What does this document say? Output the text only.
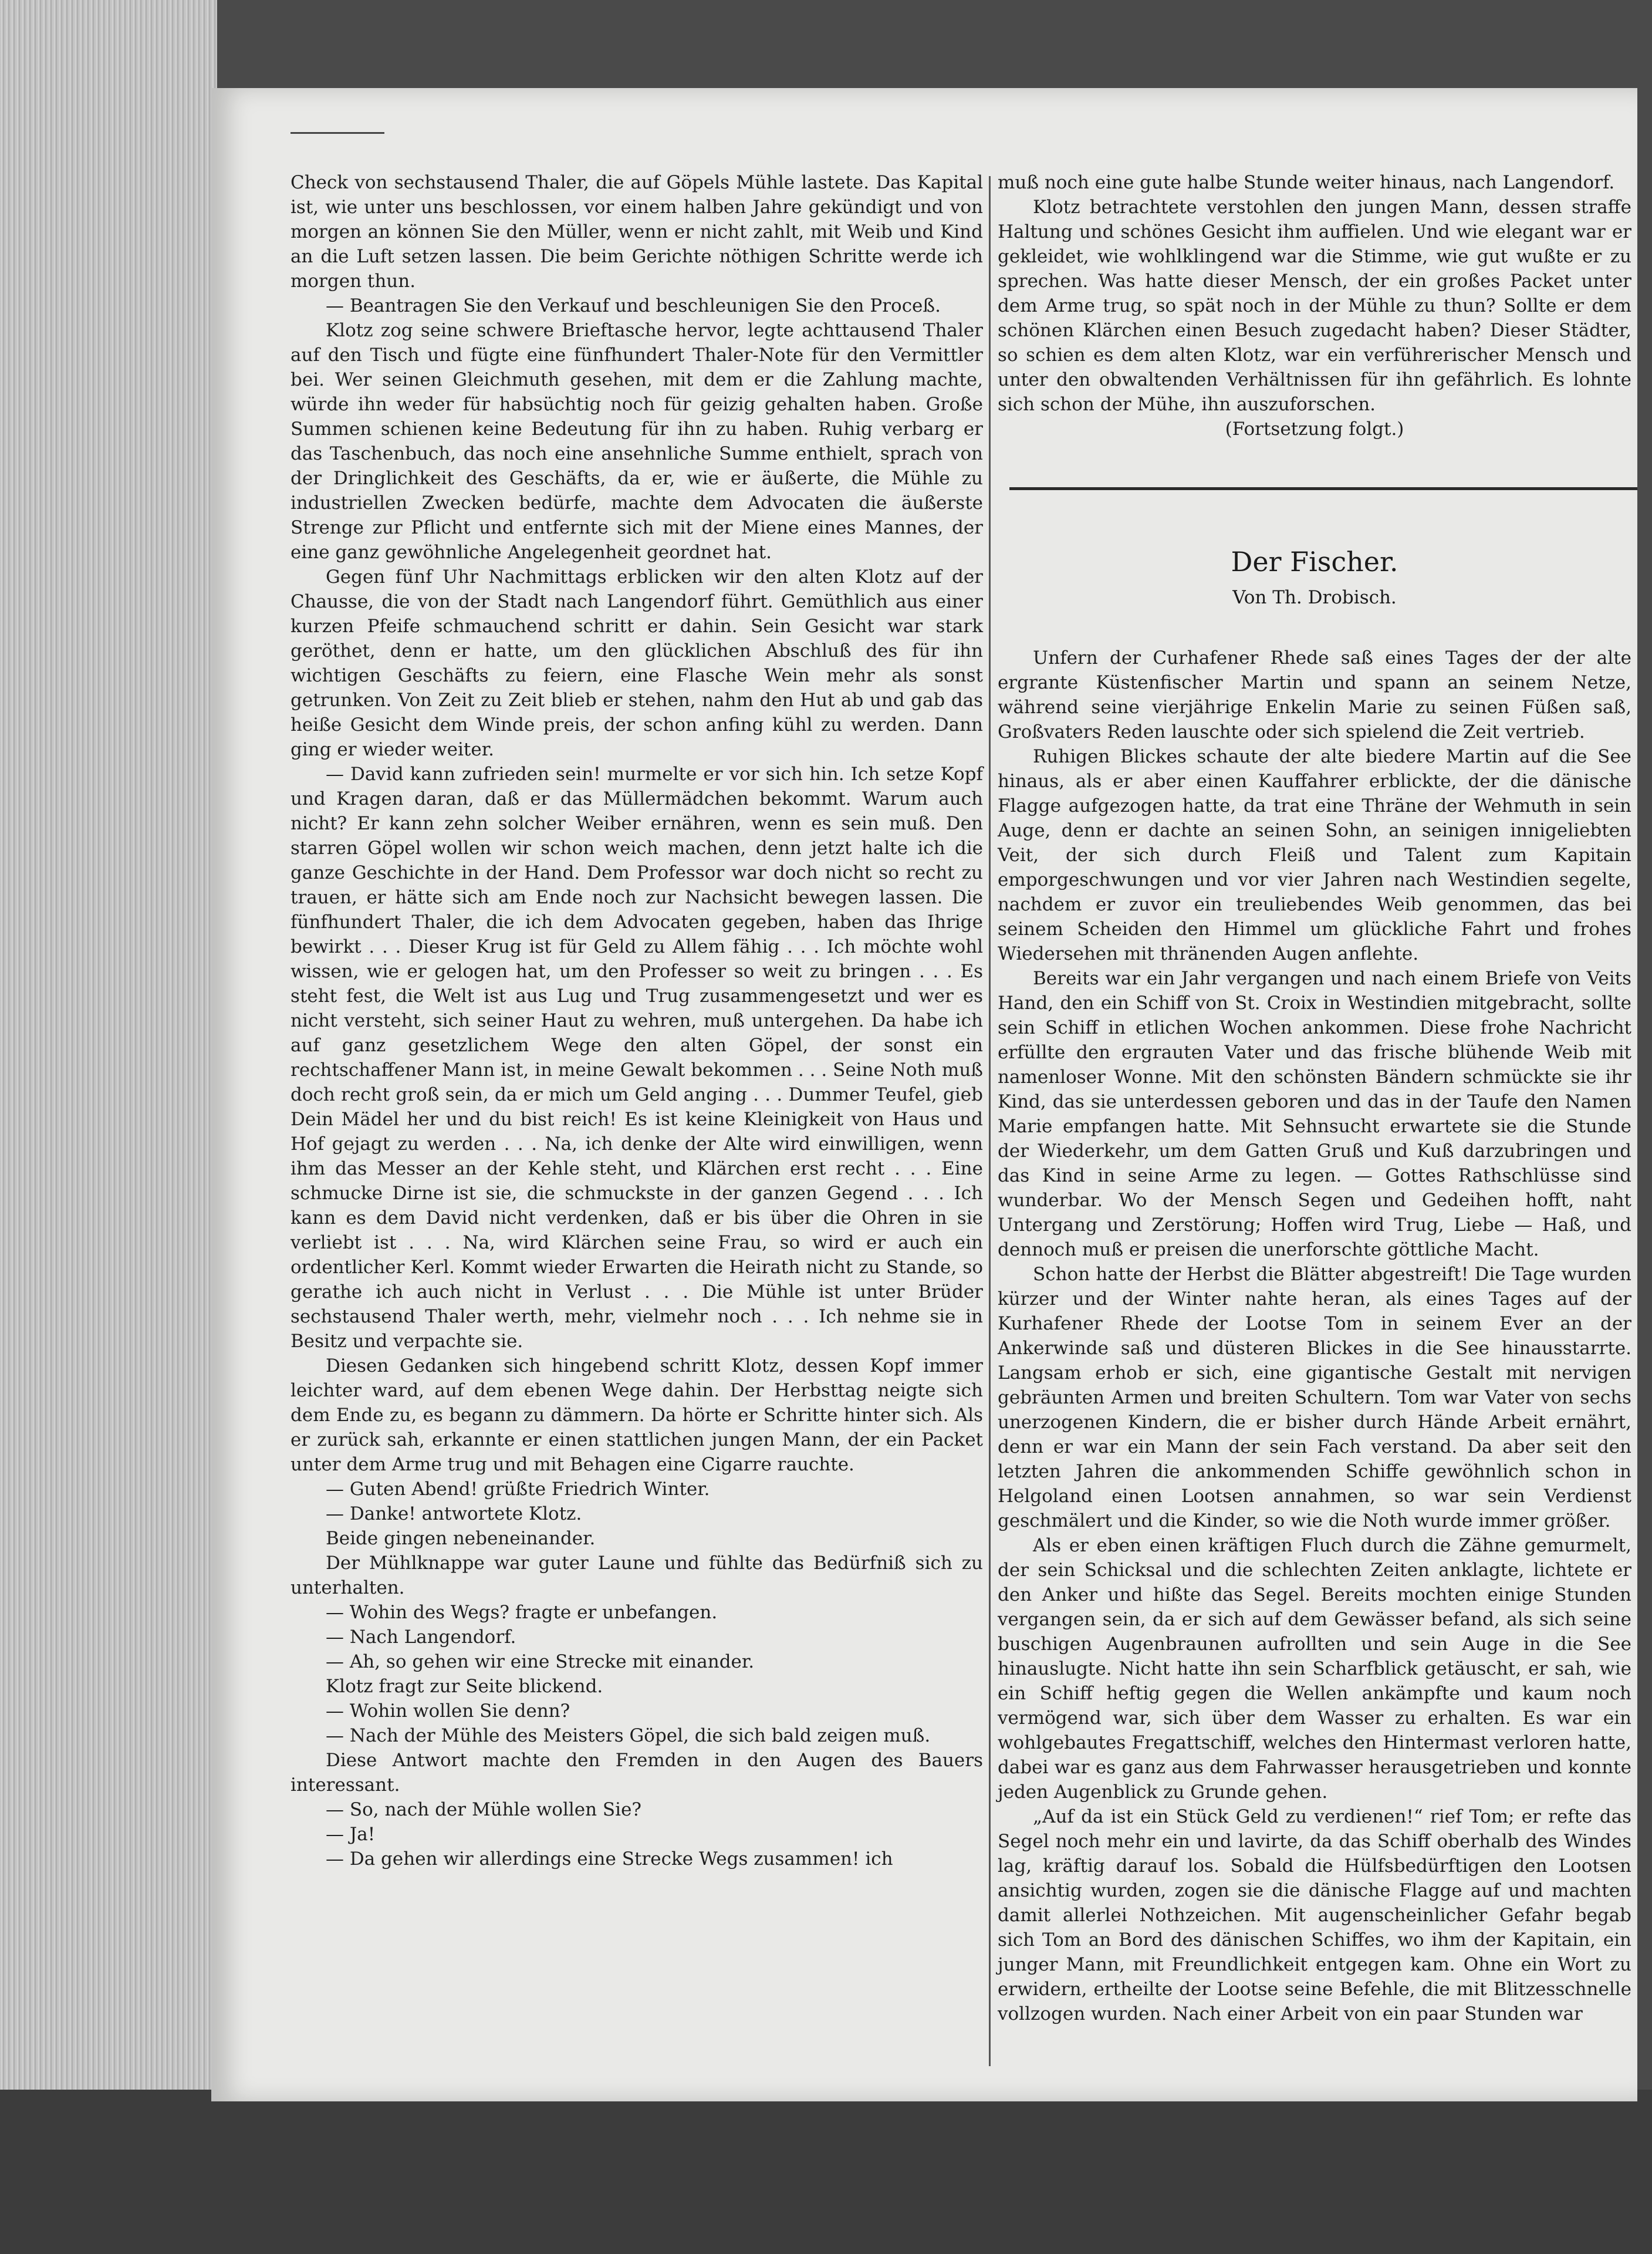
Check von sechstausend Thaler, die auf Göpels Mühle lastete. Das Kapital ist, wie unter uns beschlossen, vor einem halben Jahre gekündigt und von morgen an können Sie den Müller, wenn er nicht zahlt, mit Weib und Kind an die Luft setzen lassen. Die beim Gerichte nöthigen Schritte werde ich morgen thun.

— Beantragen Sie den Verkauf und beschleunigen Sie den Proceß.

Klotz zog seine schwere Brieftasche hervor, legte achttausend Thaler auf den Tisch und fügte eine fünfhundert Thaler-Note für den Vermittler bei. Wer seinen Gleichmuth gesehen, mit dem er die Zahlung machte, würde ihn weder für habsüchtig noch für geizig gehalten haben. Große Summen schienen keine Bedeutung für ihn zu haben. Ruhig verbarg er das Taschenbuch, das noch eine ansehnliche Summe enthielt, sprach von der Dringlichkeit des Geschäfts, da er, wie er äußerte, die Mühle zu industriellen Zwecken bedürfe, machte dem Advocaten die äußerste Strenge zur Pflicht und entfernte sich mit der Miene eines Mannes, der eine ganz gewöhnliche Angelegenheit geordnet hat.

Gegen fünf Uhr Nachmittags erblicken wir den alten Klotz auf der Chausse, die von der Stadt nach Langendorf führt. Gemüthlich aus einer kurzen Pfeife schmauchend schritt er dahin. Sein Gesicht war stark geröthet, denn er hatte, um den glücklichen Abschluß des für ihn wichtigen Geschäfts zu feiern, eine Flasche Wein mehr als sonst getrunken. Von Zeit zu Zeit blieb er stehen, nahm den Hut ab und gab das heiße Gesicht dem Winde preis, der schon anfing kühl zu werden. Dann ging er wieder weiter.

— David kann zufrieden sein! murmelte er vor sich hin. Ich setze Kopf und Kragen daran, daß er das Müllermädchen bekommt. Warum auch nicht? Er kann zehn solcher Weiber ernähren, wenn es sein muß. Den starren Göpel wollen wir schon weich machen, denn jetzt halte ich die ganze Geschichte in der Hand. Dem Professor war doch nicht so recht zu trauen, er hätte sich am Ende noch zur Nachsicht bewegen lassen. Die fünfhundert Thaler, die ich dem Advocaten gegeben, haben das Ihrige bewirkt . . . Dieser Krug ist für Geld zu Allem fähig . . . Ich möchte wohl wissen, wie er gelogen hat, um den Professer so weit zu bringen . . . Es steht fest, die Welt ist aus Lug und Trug zusammengesetzt und wer es nicht versteht, sich seiner Haut zu wehren, muß untergehen. Da habe ich auf ganz gesetzlichem Wege den alten Göpel, der sonst ein rechtschaffener Mann ist, in meine Gewalt bekommen . . . Seine Noth muß doch recht groß sein, da er mich um Geld anging . . . Dummer Teufel, gieb Dein Mädel her und du bist reich! Es ist keine Kleinigkeit von Haus und Hof gejagt zu werden . . . Na, ich denke der Alte wird einwilligen, wenn ihm das Messer an der Kehle steht, und Klärchen erst recht . . . Eine schmucke Dirne ist sie, die schmuckste in der ganzen Gegend . . . Ich kann es dem David nicht verdenken, daß er bis über die Ohren in sie verliebt ist . . . Na, wird Klärchen seine Frau, so wird er auch ein ordentlicher Kerl. Kommt wieder Erwarten die Heirath nicht zu Stande, so gerathe ich auch nicht in Verlust . . . Die Mühle ist unter Brüder sechstausend Thaler werth, mehr, vielmehr noch . . . Ich nehme sie in Besitz und verpachte sie.

Diesen Gedanken sich hingebend schritt Klotz, dessen Kopf immer leichter ward, auf dem ebenen Wege dahin. Der Herbsttag neigte sich dem Ende zu, es begann zu dämmern. Da hörte er Schritte hinter sich. Als er zurück sah, erkannte er einen stattlichen jungen Mann, der ein Packet unter dem Arme trug und mit Behagen eine Cigarre rauchte.

— Guten Abend! grüßte Friedrich Winter.

— Danke! antwortete Klotz.

Beide gingen nebeneinander.

Der Mühlknappe war guter Laune und fühlte das Bedürfniß sich zu unterhalten.

— Wohin des Wegs? fragte er unbefangen.

— Nach Langendorf.

— Ah, so gehen wir eine Strecke mit einander.

Klotz fragt zur Seite blickend.

— Wohin wollen Sie denn?

— Nach der Mühle des Meisters Göpel, die sich bald zeigen muß.

Diese Antwort machte den Fremden in den Augen des Bauers interessant.

— So, nach der Mühle wollen Sie?

— Ja!

— Da gehen wir allerdings eine Strecke Wegs zusammen! ich

muß noch eine gute halbe Stunde weiter hinaus, nach Langendorf.

Klotz betrachtete verstohlen den jungen Mann, dessen straffe Haltung und schönes Gesicht ihm auffielen. Und wie elegant war er gekleidet, wie wohlklingend war die Stimme, wie gut wußte er zu sprechen. Was hatte dieser Mensch, der ein großes Packet unter dem Arme trug, so spät noch in der Mühle zu thun? Sollte er dem schönen Klärchen einen Besuch zugedacht haben? Dieser Städter, so schien es dem alten Klotz, war ein verführerischer Mensch und unter den obwaltenden Verhältnissen für ihn gefährlich. Es lohnte sich schon der Mühe, ihn auszuforschen.

(Fortsetzung folgt.)

Der Fischer.
Von Th. Drobisch.

Unfern der Curhafener Rhede saß eines Tages der der alte ergrante Küstenfischer Martin und spann an seinem Netze, während seine vierjährige Enkelin Marie zu seinen Füßen saß, Großvaters Reden lauschte oder sich spielend die Zeit vertrieb.

Ruhigen Blickes schaute der alte biedere Martin auf die See hinaus, als er aber einen Kauffahrer erblickte, der die dänische Flagge aufgezogen hatte, da trat eine Thräne der Wehmuth in sein Auge, denn er dachte an seinen Sohn, an seinigen innigeliebten Veit, der sich durch Fleiß und Talent zum Kapitain emporgeschwungen und vor vier Jahren nach Westindien segelte, nachdem er zuvor ein treuliebendes Weib genommen, das bei seinem Scheiden den Himmel um glückliche Fahrt und frohes Wiedersehen mit thränenden Augen anflehte.

Bereits war ein Jahr vergangen und nach einem Briefe von Veits Hand, den ein Schiff von St. Croix in Westindien mitgebracht, sollte sein Schiff in etlichen Wochen ankommen. Diese frohe Nachricht erfüllte den ergrauten Vater und das frische blühende Weib mit namenloser Wonne. Mit den schönsten Bändern schmückte sie ihr Kind, das sie unterdessen geboren und das in der Taufe den Namen Marie empfangen hatte. Mit Sehnsucht erwartete sie die Stunde der Wiederkehr, um dem Gatten Gruß und Kuß darzubringen und das Kind in seine Arme zu legen. — Gottes Rathschlüsse sind wunderbar. Wo der Mensch Segen und Gedeihen hofft, naht Untergang und Zerstörung; Hoffen wird Trug, Liebe — Haß, und dennoch muß er preisen die unerforschte göttliche Macht.

Schon hatte der Herbst die Blätter abgestreift! Die Tage wurden kürzer und der Winter nahte heran, als eines Tages auf der Kurhafener Rhede der Lootse Tom in seinem Ever an der Ankerwinde saß und düsteren Blickes in die See hinausstarrte. Langsam erhob er sich, eine gigantische Gestalt mit nervigen gebräunten Armen und breiten Schultern. Tom war Vater von sechs unerzogenen Kindern, die er bisher durch Hände Arbeit ernährt, denn er war ein Mann der sein Fach verstand. Da aber seit den letzten Jahren die ankommenden Schiffe gewöhnlich schon in Helgoland einen Lootsen annahmen, so war sein Verdienst geschmälert und die Kinder, so wie die Noth wurde immer größer.

Als er eben einen kräftigen Fluch durch die Zähne gemurmelt, der sein Schicksal und die schlechten Zeiten anklagte, lichtete er den Anker und hißte das Segel. Bereits mochten einige Stunden vergangen sein, da er sich auf dem Gewässer befand, als sich seine buschigen Augenbraunen aufrollten und sein Auge in die See hinauslugte. Nicht hatte ihn sein Scharfblick getäuscht, er sah, wie ein Schiff heftig gegen die Wellen ankämpfte und kaum noch vermögend war, sich über dem Wasser zu erhalten. Es war ein wohlgebautes Fregattschiff, welches den Hintermast verloren hatte, dabei war es ganz aus dem Fahrwasser herausgetrieben und konnte jeden Augenblick zu Grunde gehen.

„Auf da ist ein Stück Geld zu verdienen!“ rief Tom; er refte das Segel noch mehr ein und lavirte, da das Schiff oberhalb des Windes lag, kräftig darauf los. Sobald die Hülfsbedürftigen den Lootsen ansichtig wurden, zogen sie die dänische Flagge auf und machten damit allerlei Nothzeichen. Mit augenscheinlicher Gefahr begab sich Tom an Bord des dänischen Schiffes, wo ihm der Kapitain, ein junger Mann, mit Freundlichkeit entgegen kam. Ohne ein Wort zu erwidern, ertheilte der Lootse seine Befehle, die mit Blitzesschnelle vollzogen wurden. Nach einer Arbeit von ein paar Stunden war
